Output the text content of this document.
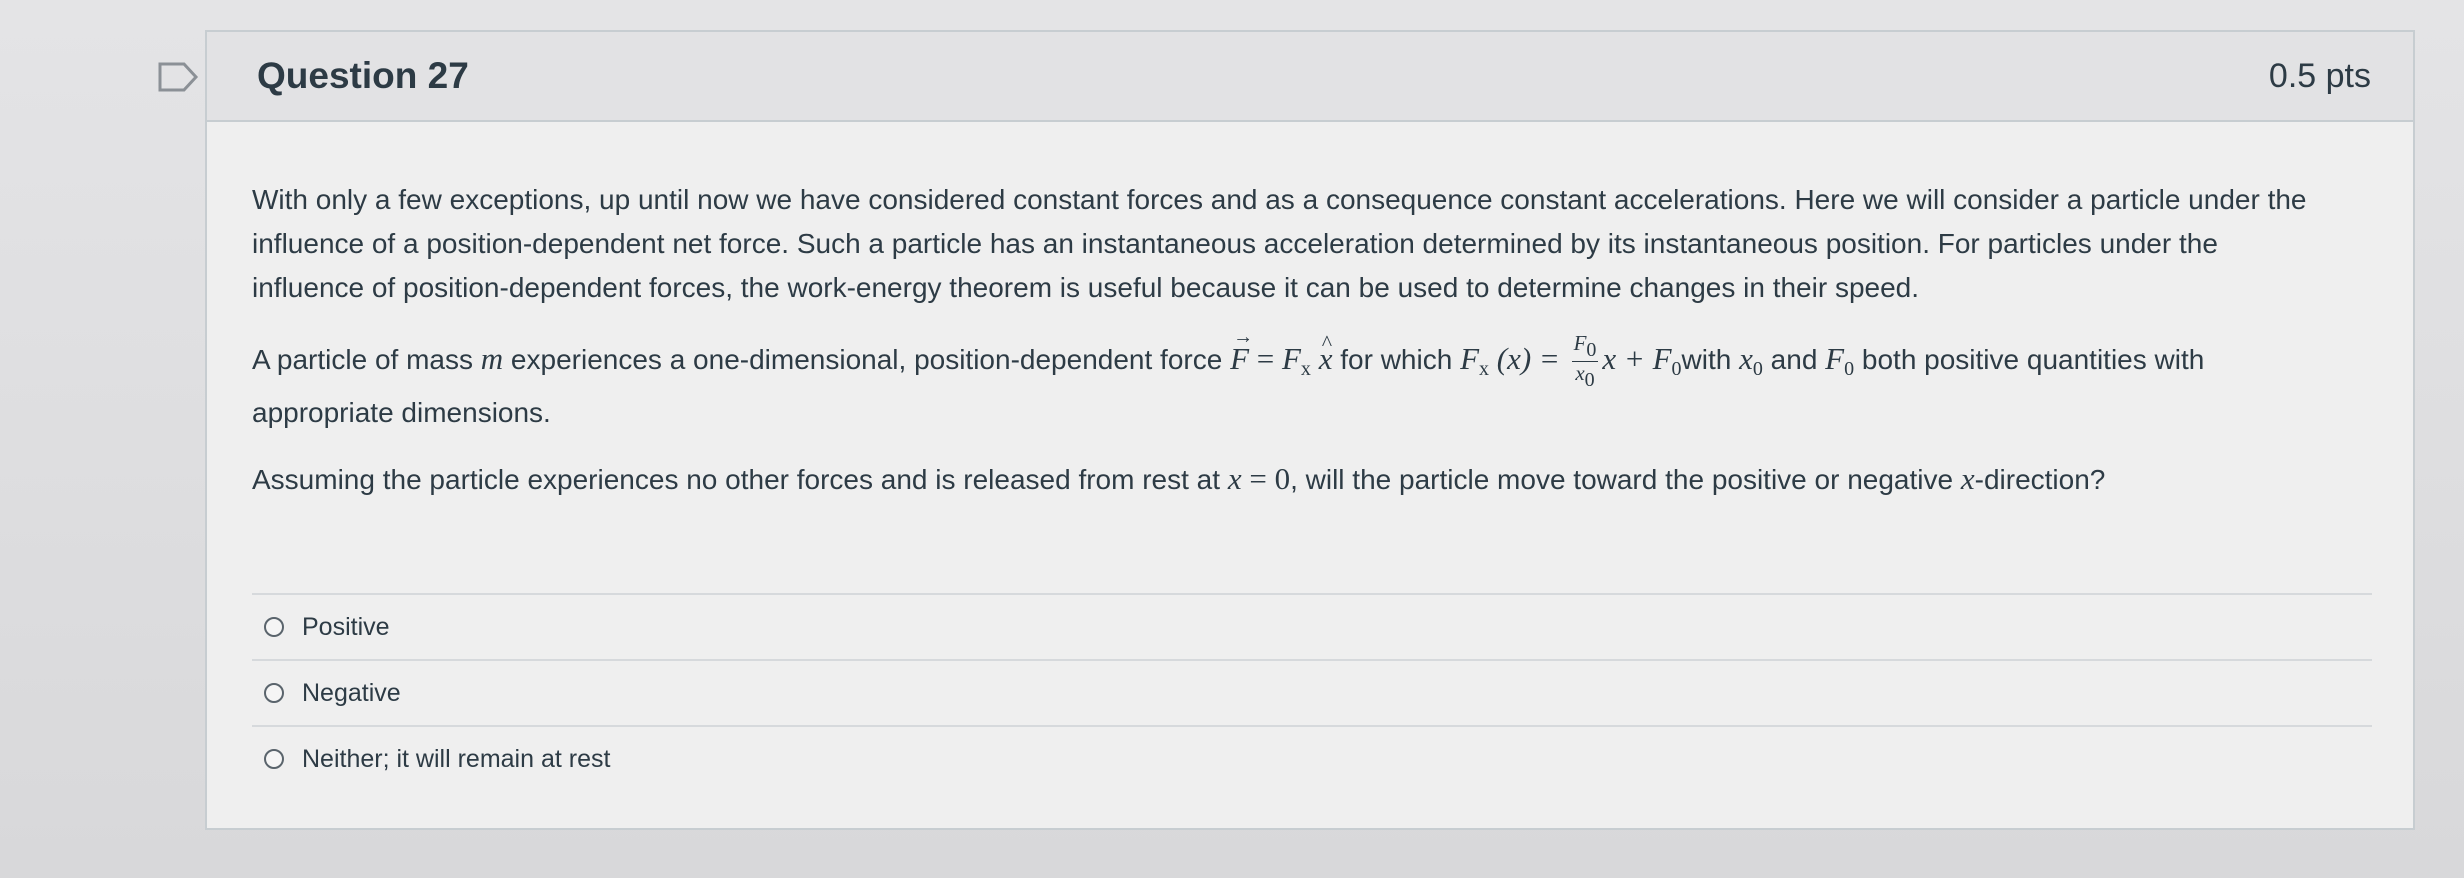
Question 27	0.5 pts

With only a few exceptions, up until now we have considered constant forces and as a consequence constant accelerations. Here we will consider a particle under the influence of a position-dependent net force. Such a particle has an instantaneous acceleration determined by its instantaneous position. For particles under the influence of position-dependent forces, the work-energy theorem is useful because it can be used to determine changes in their speed.

A particle of mass m experiences a one-dimensional, position-dependent force → $F = F_x$ ^ x for which $F_x$ $(x) = \frac{F0}{x0}$ $x + F_0with$ $x_0$ and $F_0$ both positive quantities with appropriate dimensions.

Assuming the particle experiences no other forces and is released from rest at x = 0, will the particle move toward the positive or negative x-direction?

Positive
Negative
Neither; it will remain at rest
